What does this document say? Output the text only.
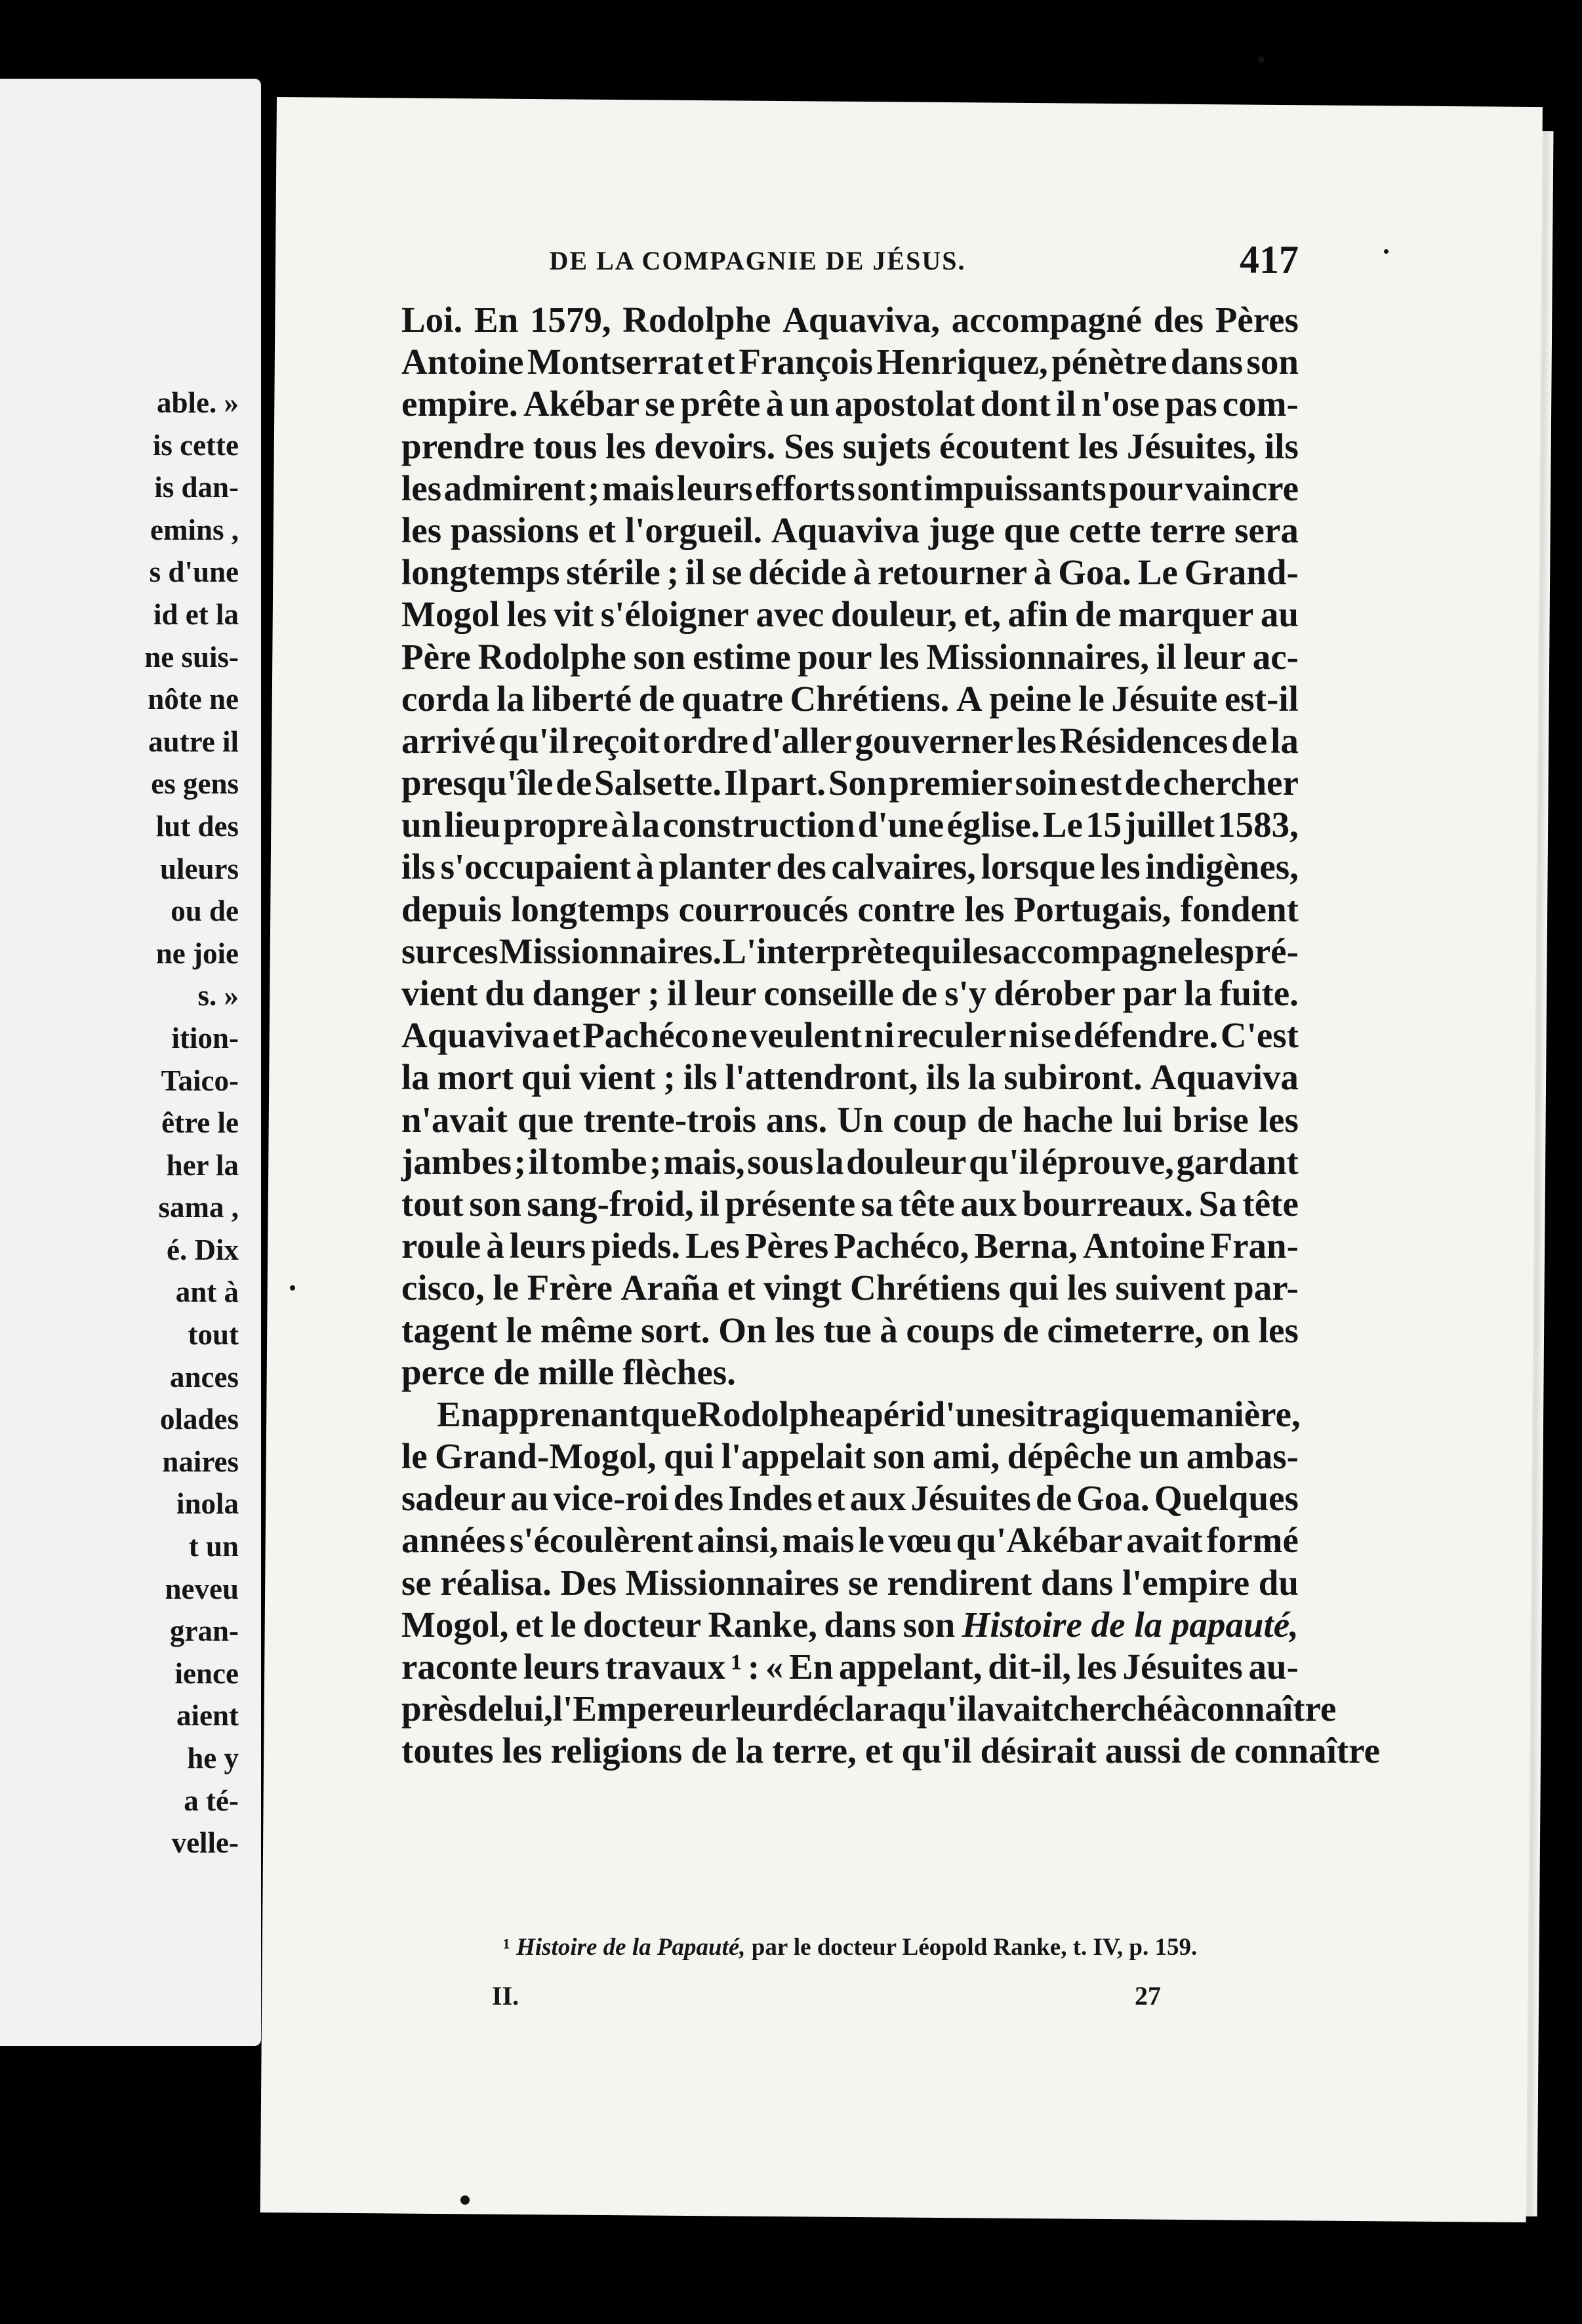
able. »
is cette
is dan-
emins ,
s d'une
id et la
ne suis-
nôte ne
autre il
es gens
lut des
uleurs
ou de
ne joie
s. »
ition-
Taico-
être le
her la
sama ,
é. Dix
ant à
tout
ances
olades
naires
inola
t un
neveu
gran-
ience
aient
he y
a té-
velle-
DE LA COMPAGNIE DE JÉSUS.	417
Loi. En 1579, Rodolphe Aquaviva, accompagné des Pères
Antoine Montserrat et François Henriquez, pénètre dans son
empire. Akébar se prête à un apostolat dont il n'ose pas com-
prendre tous les devoirs. Ses sujets écoutent les Jésuites, ils
les admirent ; mais leurs efforts sont impuissants pour vaincre
les passions et l'orgueil. Aquaviva juge que cette terre sera
longtemps stérile ; il se décide à retourner à Goa. Le Grand-
Mogol les vit s'éloigner avec douleur, et, afin de marquer au
Père Rodolphe son estime pour les Missionnaires, il leur ac-
corda la liberté de quatre Chrétiens. A peine le Jésuite est-il
arrivé qu'il reçoit ordre d'aller gouverner les Résidences de la
presqu'île de Salsette. Il part. Son premier soin est de chercher
un lieu propre à la construction d'une église. Le 15 juillet 1583,
ils s'occupaient à planter des calvaires, lorsque les indigènes,
depuis longtemps courroucés contre les Portugais, fondent
sur ces Missionnaires. L'interprète qui les accompagne les pré-
vient du danger ; il leur conseille de s'y dérober par la fuite.
Aquaviva et Pachéco ne veulent ni reculer ni se défendre. C'est
la mort qui vient ; ils l'attendront, ils la subiront. Aquaviva
n'avait que trente-trois ans. Un coup de hache lui brise les
jambes ; il tombe ; mais, sous la douleur qu'il éprouve, gardant
tout son sang-froid, il présente sa tête aux bourreaux. Sa tête
roule à leurs pieds. Les Pères Pachéco, Berna, Antoine Fran-
cisco, le Frère Araña et vingt Chrétiens qui les suivent par-
tagent le même sort. On les tue à coups de cimeterre, on les
perce de mille flèches.
En apprenant que Rodolphe a péri d'une si tragique manière,
le Grand-Mogol, qui l'appelait son ami, dépêche un ambas-
sadeur au vice-roi des Indes et aux Jésuites de Goa. Quelques
années s'écoulèrent ainsi, mais le vœu qu'Akébar avait formé
se réalisa. Des Missionnaires se rendirent dans l'empire du
Mogol, et le docteur Ranke, dans son Histoire de la papauté,
raconte leurs travaux ¹ : « En appelant, dit-il, les Jésuites au-
près de lui, l'Empereur leur déclara qu'il avait cherché à connaître
toutes les religions de la terre, et qu'il désirait aussi de connaître
¹ Histoire de la Papauté, par le docteur Léopold Ranke, t. IV, p. 159.
II.	27
